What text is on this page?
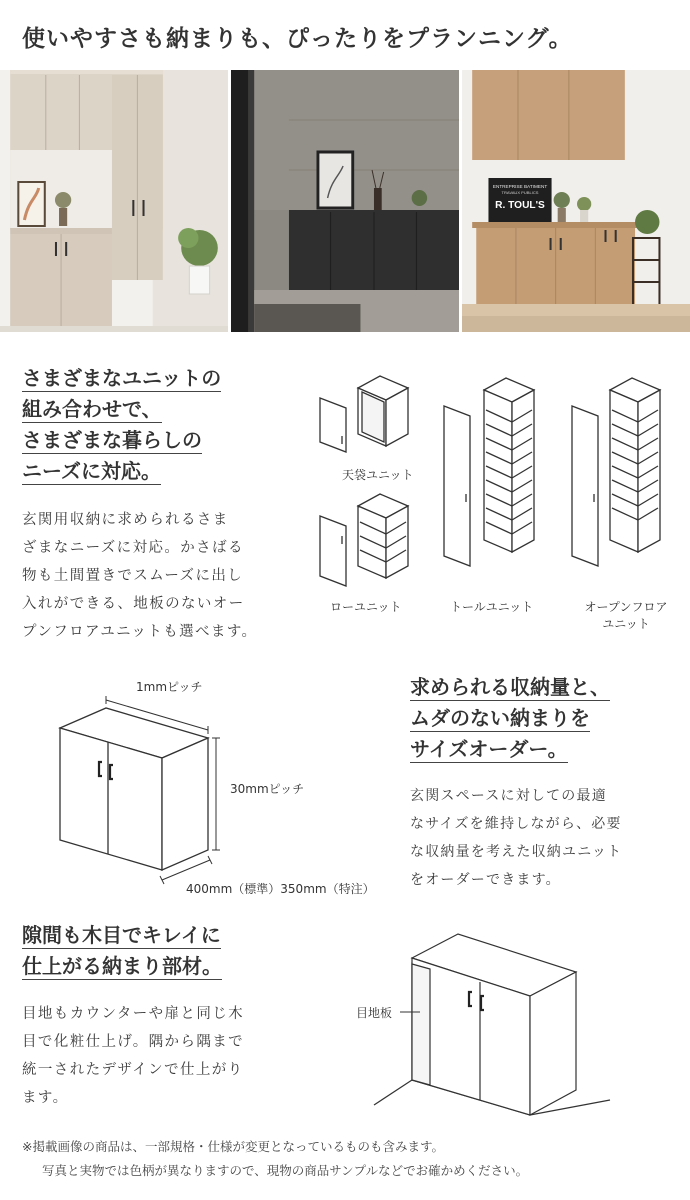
使いやすさも納まりも、ぴったりをプランニング。
ENTREPRISE BATIMENT
TRAVAUX PUBLICS
R. TOUL'S
さまざまなユニットの
組み合わせで、
さまざまな暮らしの
ニーズに対応。
玄関用収納に求められるさま
ざまなニーズに対応。かさばる
物も土間置きでスムーズに出し
入れができる、地板のないオー
プンフロアユニットも選べます。
天袋ユニット
ローユニット	トールユニット	オープンフロア
ユニット
1mmピッチ
30mmピッチ
400mm（標準）350mm（特注）
求められる収納量と、
ムダのない納まりを
サイズオーダー。
玄関スペースに対しての最適
なサイズを維持しながら、必要
な収納量を考えた収納ユニット
をオーダーできます。
隙間も木目でキレイに
仕上がる納まり部材。
目地もカウンターや扉と同じ木
目で化粧仕上げ。隅から隅まで
統一されたデザインで仕上がり
ます。
目地板
※掲載画像の商品は、一部規格・仕様が変更となっているものも含みます。
写真と実物では色柄が異なりますので、現物の商品サンプルなどでお確かめください。
